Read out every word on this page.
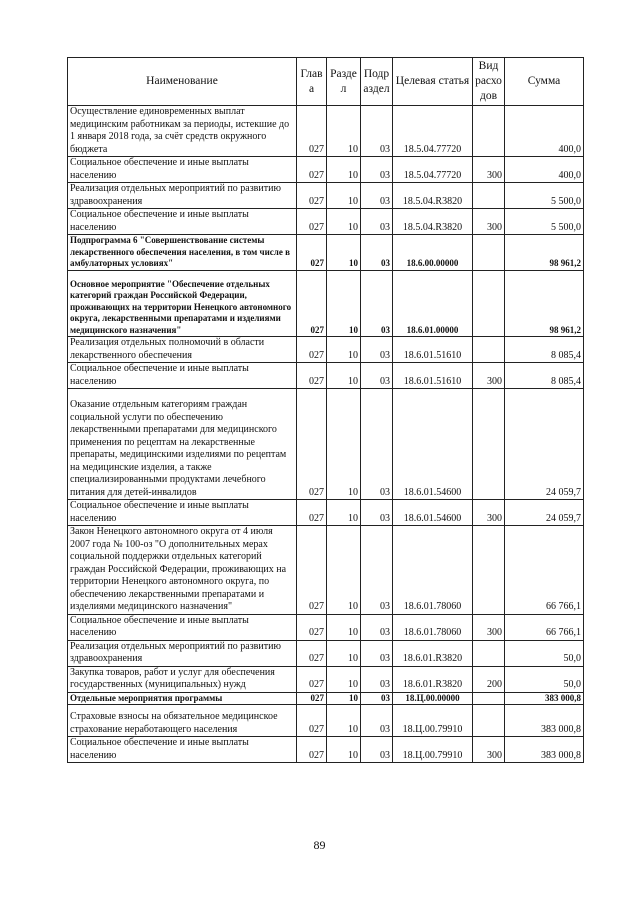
Наименование	Глав а	Разде л	Подр аздел	Целевая статья	Вид расхо дов	Сумма
Осуществление единовременных выплат медицинским работникам за периоды, истекшие до 1 января 2018 года, за счёт средств окружного бюджета	027	10	03	18.5.04.77720		400,0
Социальное обеспечение и иные выплаты населению	027	10	03	18.5.04.77720	300	400,0
Реализация отдельных мероприятий по развитию здравоохранения	027	10	03	18.5.04.R3820		5 500,0
Социальное обеспечение и иные выплаты населению	027	10	03	18.5.04.R3820	300	5 500,0
Подпрограмма 6 "Совершенствование системы лекарственного обеспечения населения, в том числе в амбулаторных условиях"	027	10	03	18.6.00.00000		98 961,2
Основное мероприятие "Обеспечение отдельных категорий граждан Российской Федерации, проживающих на территории Ненецкого автономного округа, лекарственными препаратами и изделиями медицинского назначения"	027	10	03	18.6.01.00000		98 961,2
Реализация отдельных полномочий в области лекарственного обеспечения	027	10	03	18.6.01.51610		8 085,4
Социальное обеспечение и иные выплаты населению	027	10	03	18.6.01.51610	300	8 085,4
Оказание отдельным категориям граждан социальной услуги по обеспечению лекарственными препаратами для медицинского применения по рецептам на лекарственные препараты, медицинскими изделиями по рецептам на медицинские изделия, а также специализированными продуктами лечебного питания для детей-инвалидов	027	10	03	18.6.01.54600		24 059,7
Социальное обеспечение и иные выплаты населению	027	10	03	18.6.01.54600	300	24 059,7
Закон Ненецкого автономного округа от 4 июля 2007 года № 100-оз "О дополнительных мерах социальной поддержки отдельных категорий граждан Российской Федерации, проживающих на территории Ненецкого автономного округа, по обеспечению лекарственными препаратами и изделиями медицинского назначения"	027	10	03	18.6.01.78060		66 766,1
Социальное обеспечение и иные выплаты населению	027	10	03	18.6.01.78060	300	66 766,1
Реализация отдельных мероприятий по развитию здравоохранения	027	10	03	18.6.01.R3820		50,0
Закупка товаров, работ и услуг для обеспечения государственных (муниципальных) нужд	027	10	03	18.6.01.R3820	200	50,0
Отдельные мероприятия программы	027	10	03	18.Ц.00.00000		383 000,8
Страховые взносы на обязательное медицинское страхование неработающего населения	027	10	03	18.Ц.00.79910		383 000,8
Социальное обеспечение и иные выплаты населению	027	10	03	18.Ц.00.79910	300	383 000,8
89
